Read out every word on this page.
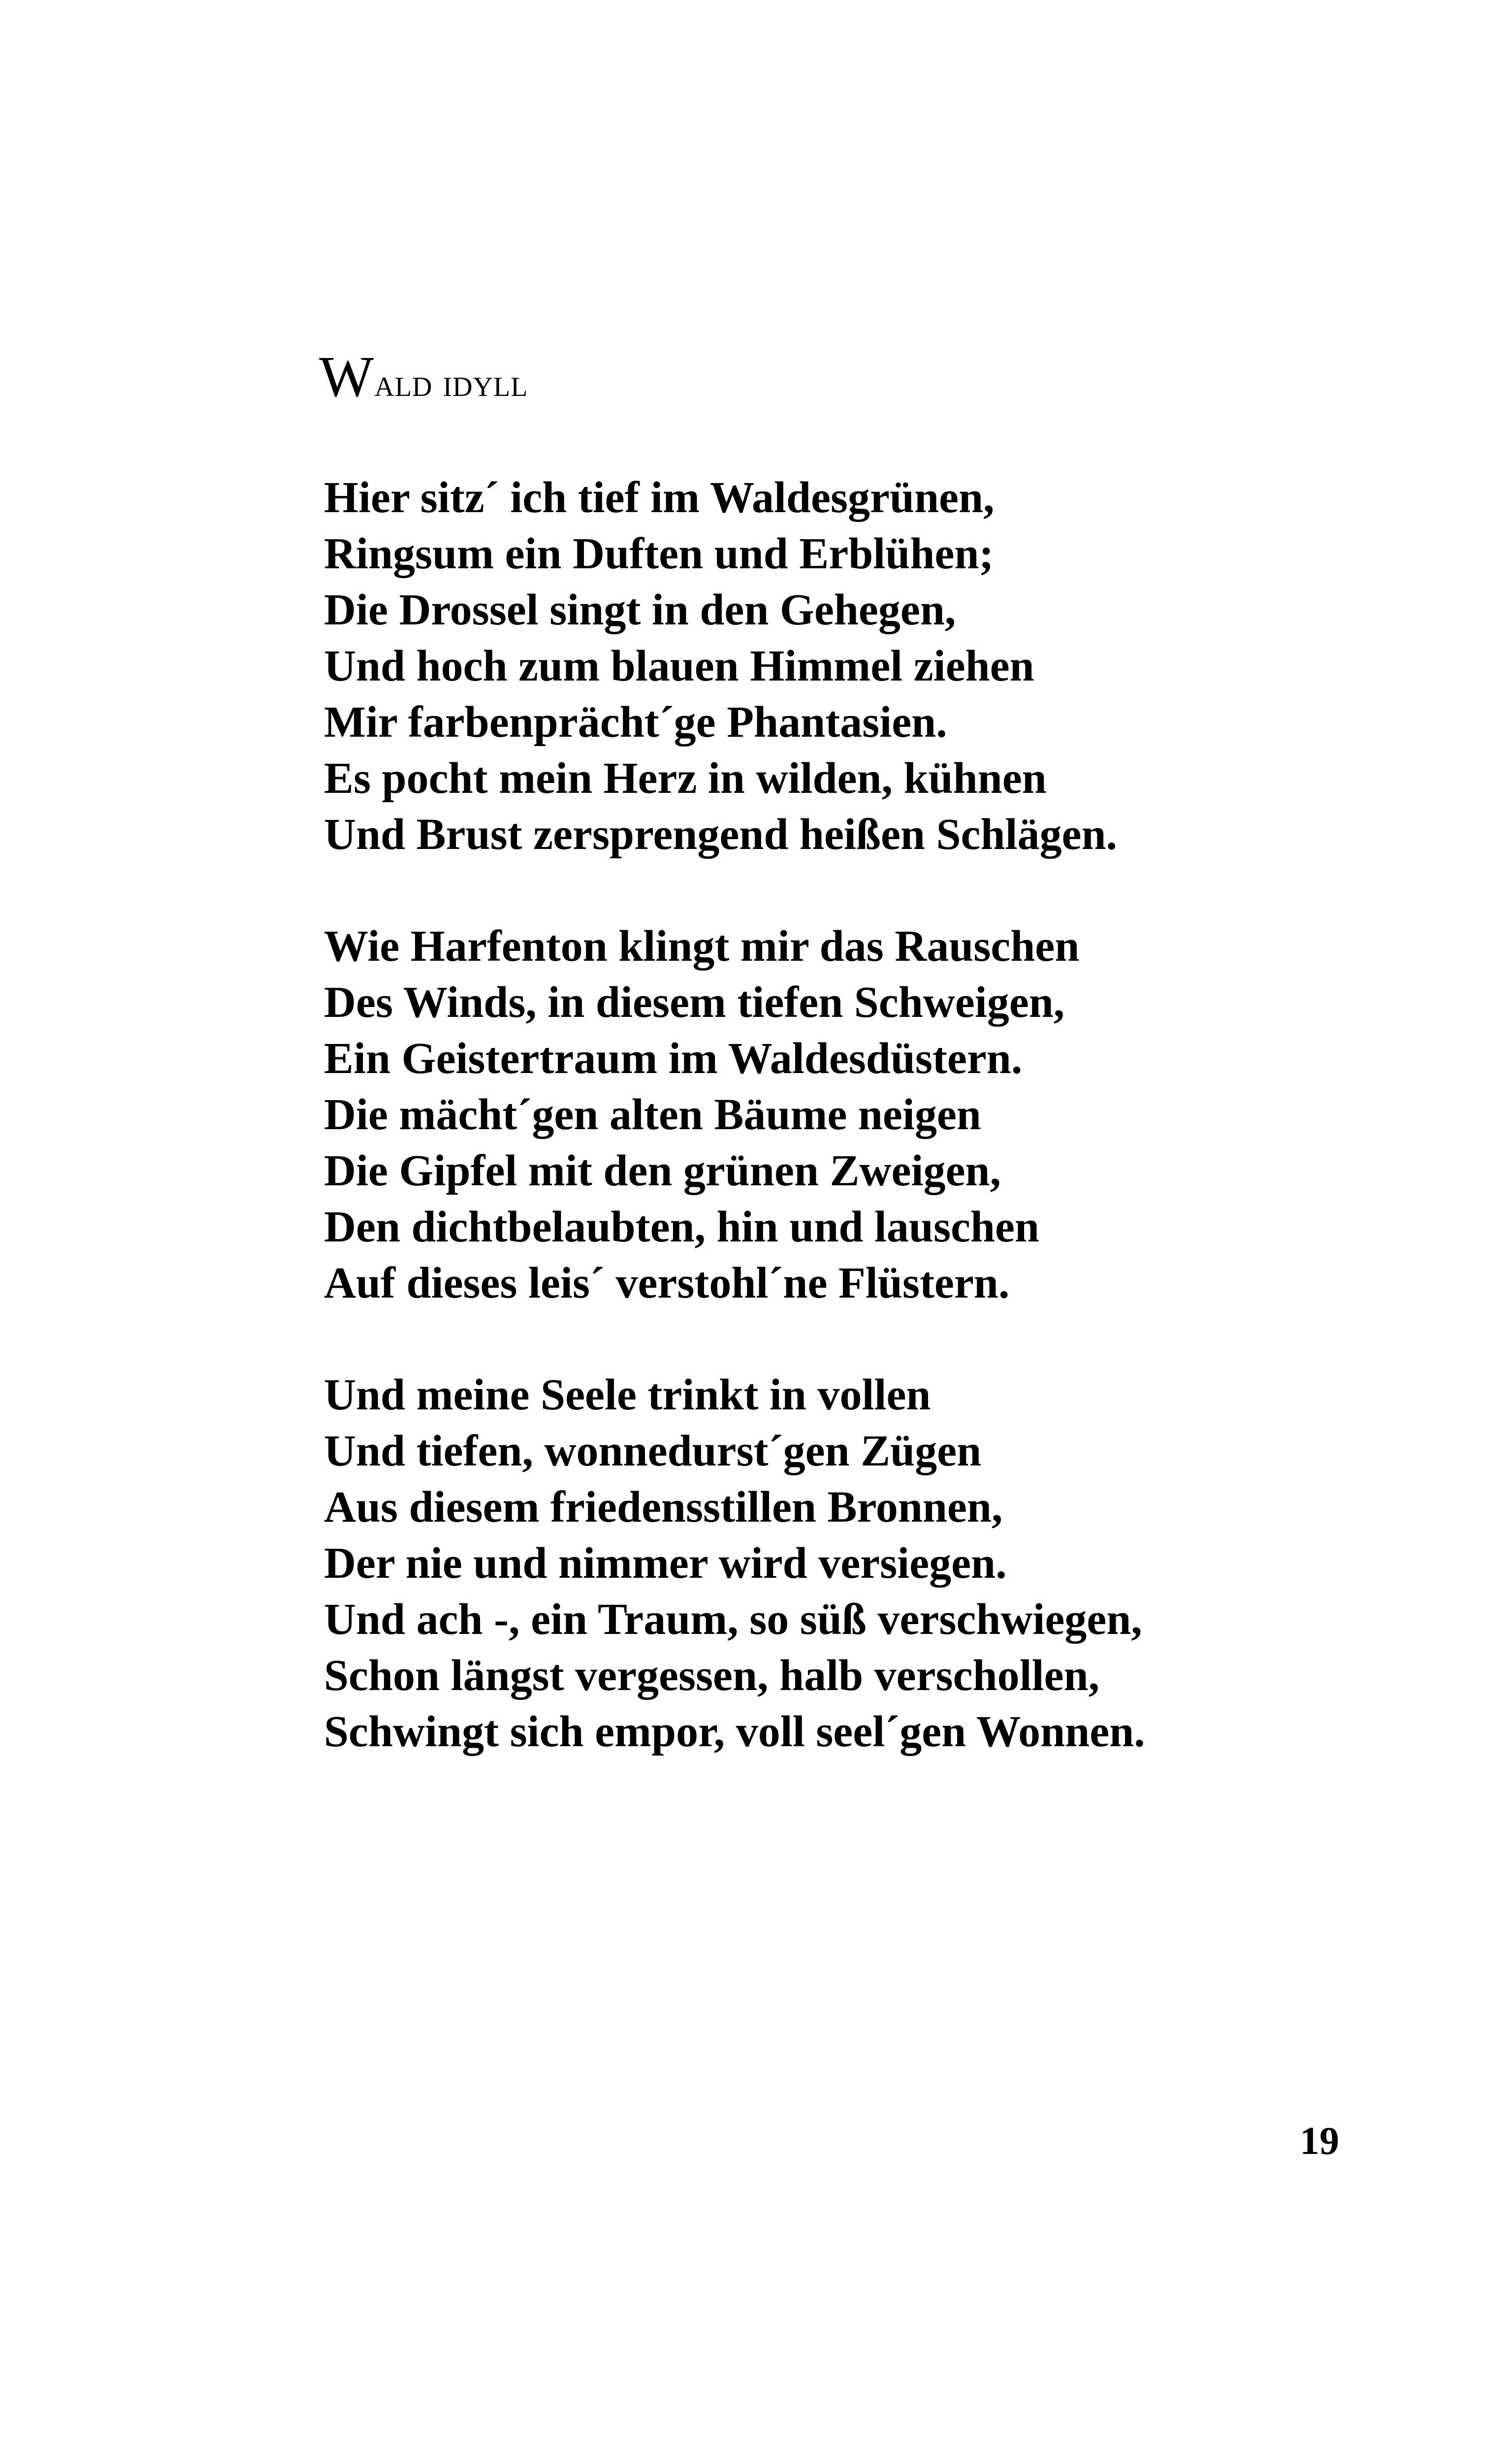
Wald idyll

Hier sitz´ ich tief im Waldesgrünen,
Ringsum ein Duften und Erblühen;
Die Drossel singt in den Gehegen,
Und hoch zum blauen Himmel ziehen
Mir farbenprächt´ge Phantasien.
Es pocht mein Herz in wilden, kühnen
Und Brust zersprengend heißen Schlägen.

Wie Harfenton klingt mir das Rauschen
Des Winds, in diesem tiefen Schweigen,
Ein Geistertraum im Waldesdüstern.
Die mächt´gen alten Bäume neigen
Die Gipfel mit den grünen Zweigen,
Den dichtbelaubten, hin und lauschen
Auf dieses leis´ verstohl´ne Flüstern.

Und meine Seele trinkt in vollen
Und tiefen, wonnedurst´gen Zügen
Aus diesem friedensstillen Bronnen,
Der nie und nimmer wird versiegen.
Und ach -, ein Traum, so süß verschwiegen,
Schon längst vergessen, halb verschollen,
Schwingt sich empor, voll seel´gen Wonnen.

19
